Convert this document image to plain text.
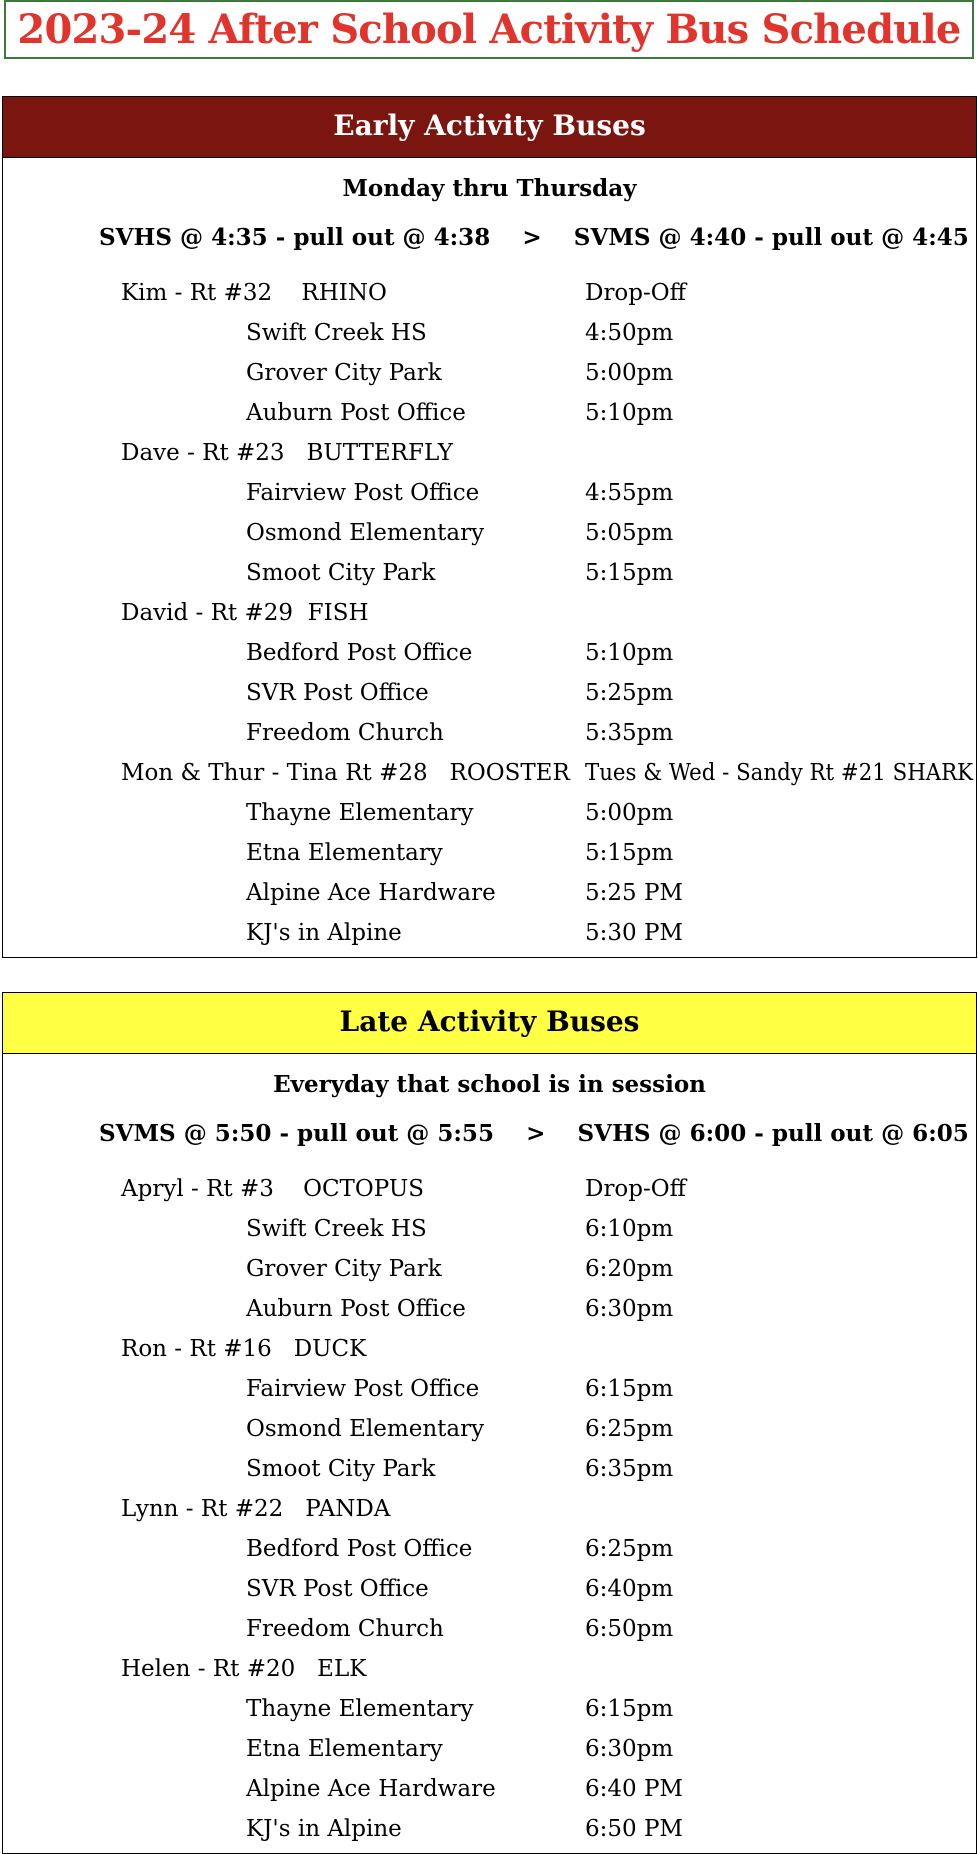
2023-24 After School Activity Bus Schedule
Early Activity Buses
Monday thru Thursday
SVHS @ 4:35 - pull out @ 4:38    >    SVMS @ 4:40 - pull out @ 4:45
Kim - Rt #32    RHINO	Drop-Off
Swift Creek HS	4:50pm
Grover City Park	5:00pm
Auburn Post Office	5:10pm
Dave - Rt #23   BUTTERFLY
Fairview Post Office	4:55pm
Osmond Elementary	5:05pm
Smoot City Park	5:15pm
David - Rt #29  FISH
Bedford Post Office	5:10pm
SVR Post Office	5:25pm
Freedom Church	5:35pm
Mon & Thur - Tina Rt #28   ROOSTER Tues & Wed - Sandy Rt #21 SHARK
Thayne Elementary	5:00pm
Etna Elementary	5:15pm
Alpine Ace Hardware	5:25 PM
KJ's in Alpine	5:30 PM
Late Activity Buses
Everyday that school is in session
SVMS @ 5:50 - pull out @ 5:55    >    SVHS @ 6:00 - pull out @ 6:05
Apryl - Rt #3    OCTOPUS	Drop-Off
Swift Creek HS	6:10pm
Grover City Park	6:20pm
Auburn Post Office	6:30pm
Ron - Rt #16   DUCK
Fairview Post Office	6:15pm
Osmond Elementary	6:25pm
Smoot City Park	6:35pm
Lynn - Rt #22   PANDA
Bedford Post Office	6:25pm
SVR Post Office	6:40pm
Freedom Church	6:50pm
Helen - Rt #20   ELK
Thayne Elementary	6:15pm
Etna Elementary	6:30pm
Alpine Ace Hardware	6:40 PM
KJ's in Alpine	6:50 PM
